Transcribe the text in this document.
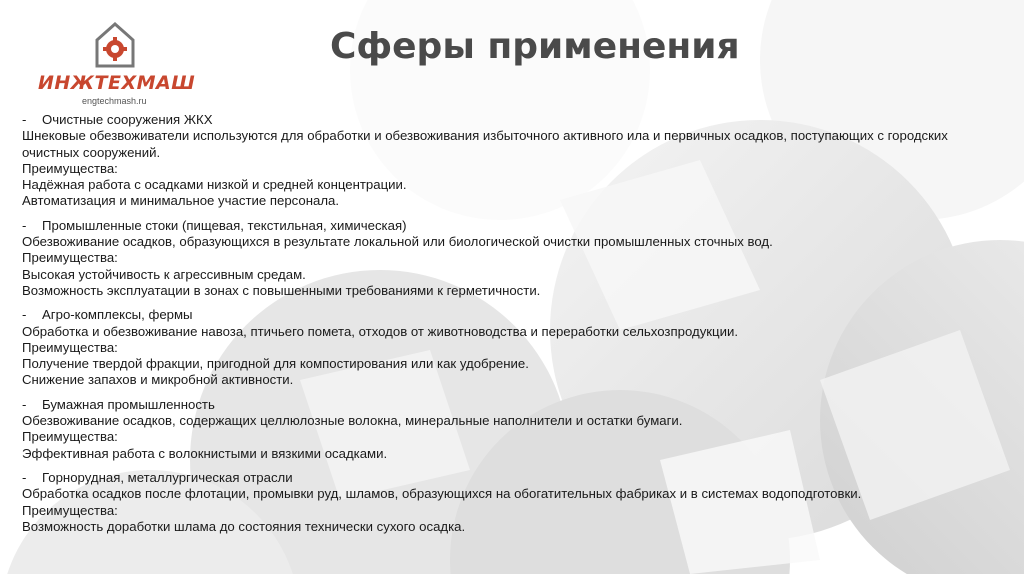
ИНЖТЕХМАШ
engtechmash.ru
Сферы применения
-	Очистные сооружения ЖКХ
Шнековые обезвоживатели используются для обработки и обезвоживания избыточного активного ила и первичных осадков, поступающих с городских очистных сооружений.
Преимущества:
Надёжная работа с осадками низкой и средней концентрации.
Автоматизация и минимальное участие персонала.
-	Промышленные стоки (пищевая, текстильная, химическая)
Обезвоживание осадков, образующихся в результате локальной или биологической очистки промышленных сточных вод.
Преимущества:
Высокая устойчивость к агрессивным средам.
Возможность эксплуатации в зонах с повышенными требованиями к герметичности.
-	Агро-комплексы, фермы
Обработка и обезвоживание навоза, птичьего помета, отходов от животноводства и переработки сельхозпродукции.
Преимущества:
Получение твердой фракции, пригодной для компостирования или как удобрение.
Снижение запахов и микробной активности.
-	Бумажная промышленность
Обезвоживание осадков, содержащих целлюлозные волокна, минеральные наполнители и остатки бумаги.
Преимущества:
Эффективная работа с волокнистыми и вязкими осадками.
-	Горнорудная, металлургическая отрасли
Обработка осадков после флотации, промывки руд, шламов, образующихся на обогатительных фабриках и в системах водоподготовки.
Преимущества:
Возможность доработки шлама до состояния технически сухого осадка.
